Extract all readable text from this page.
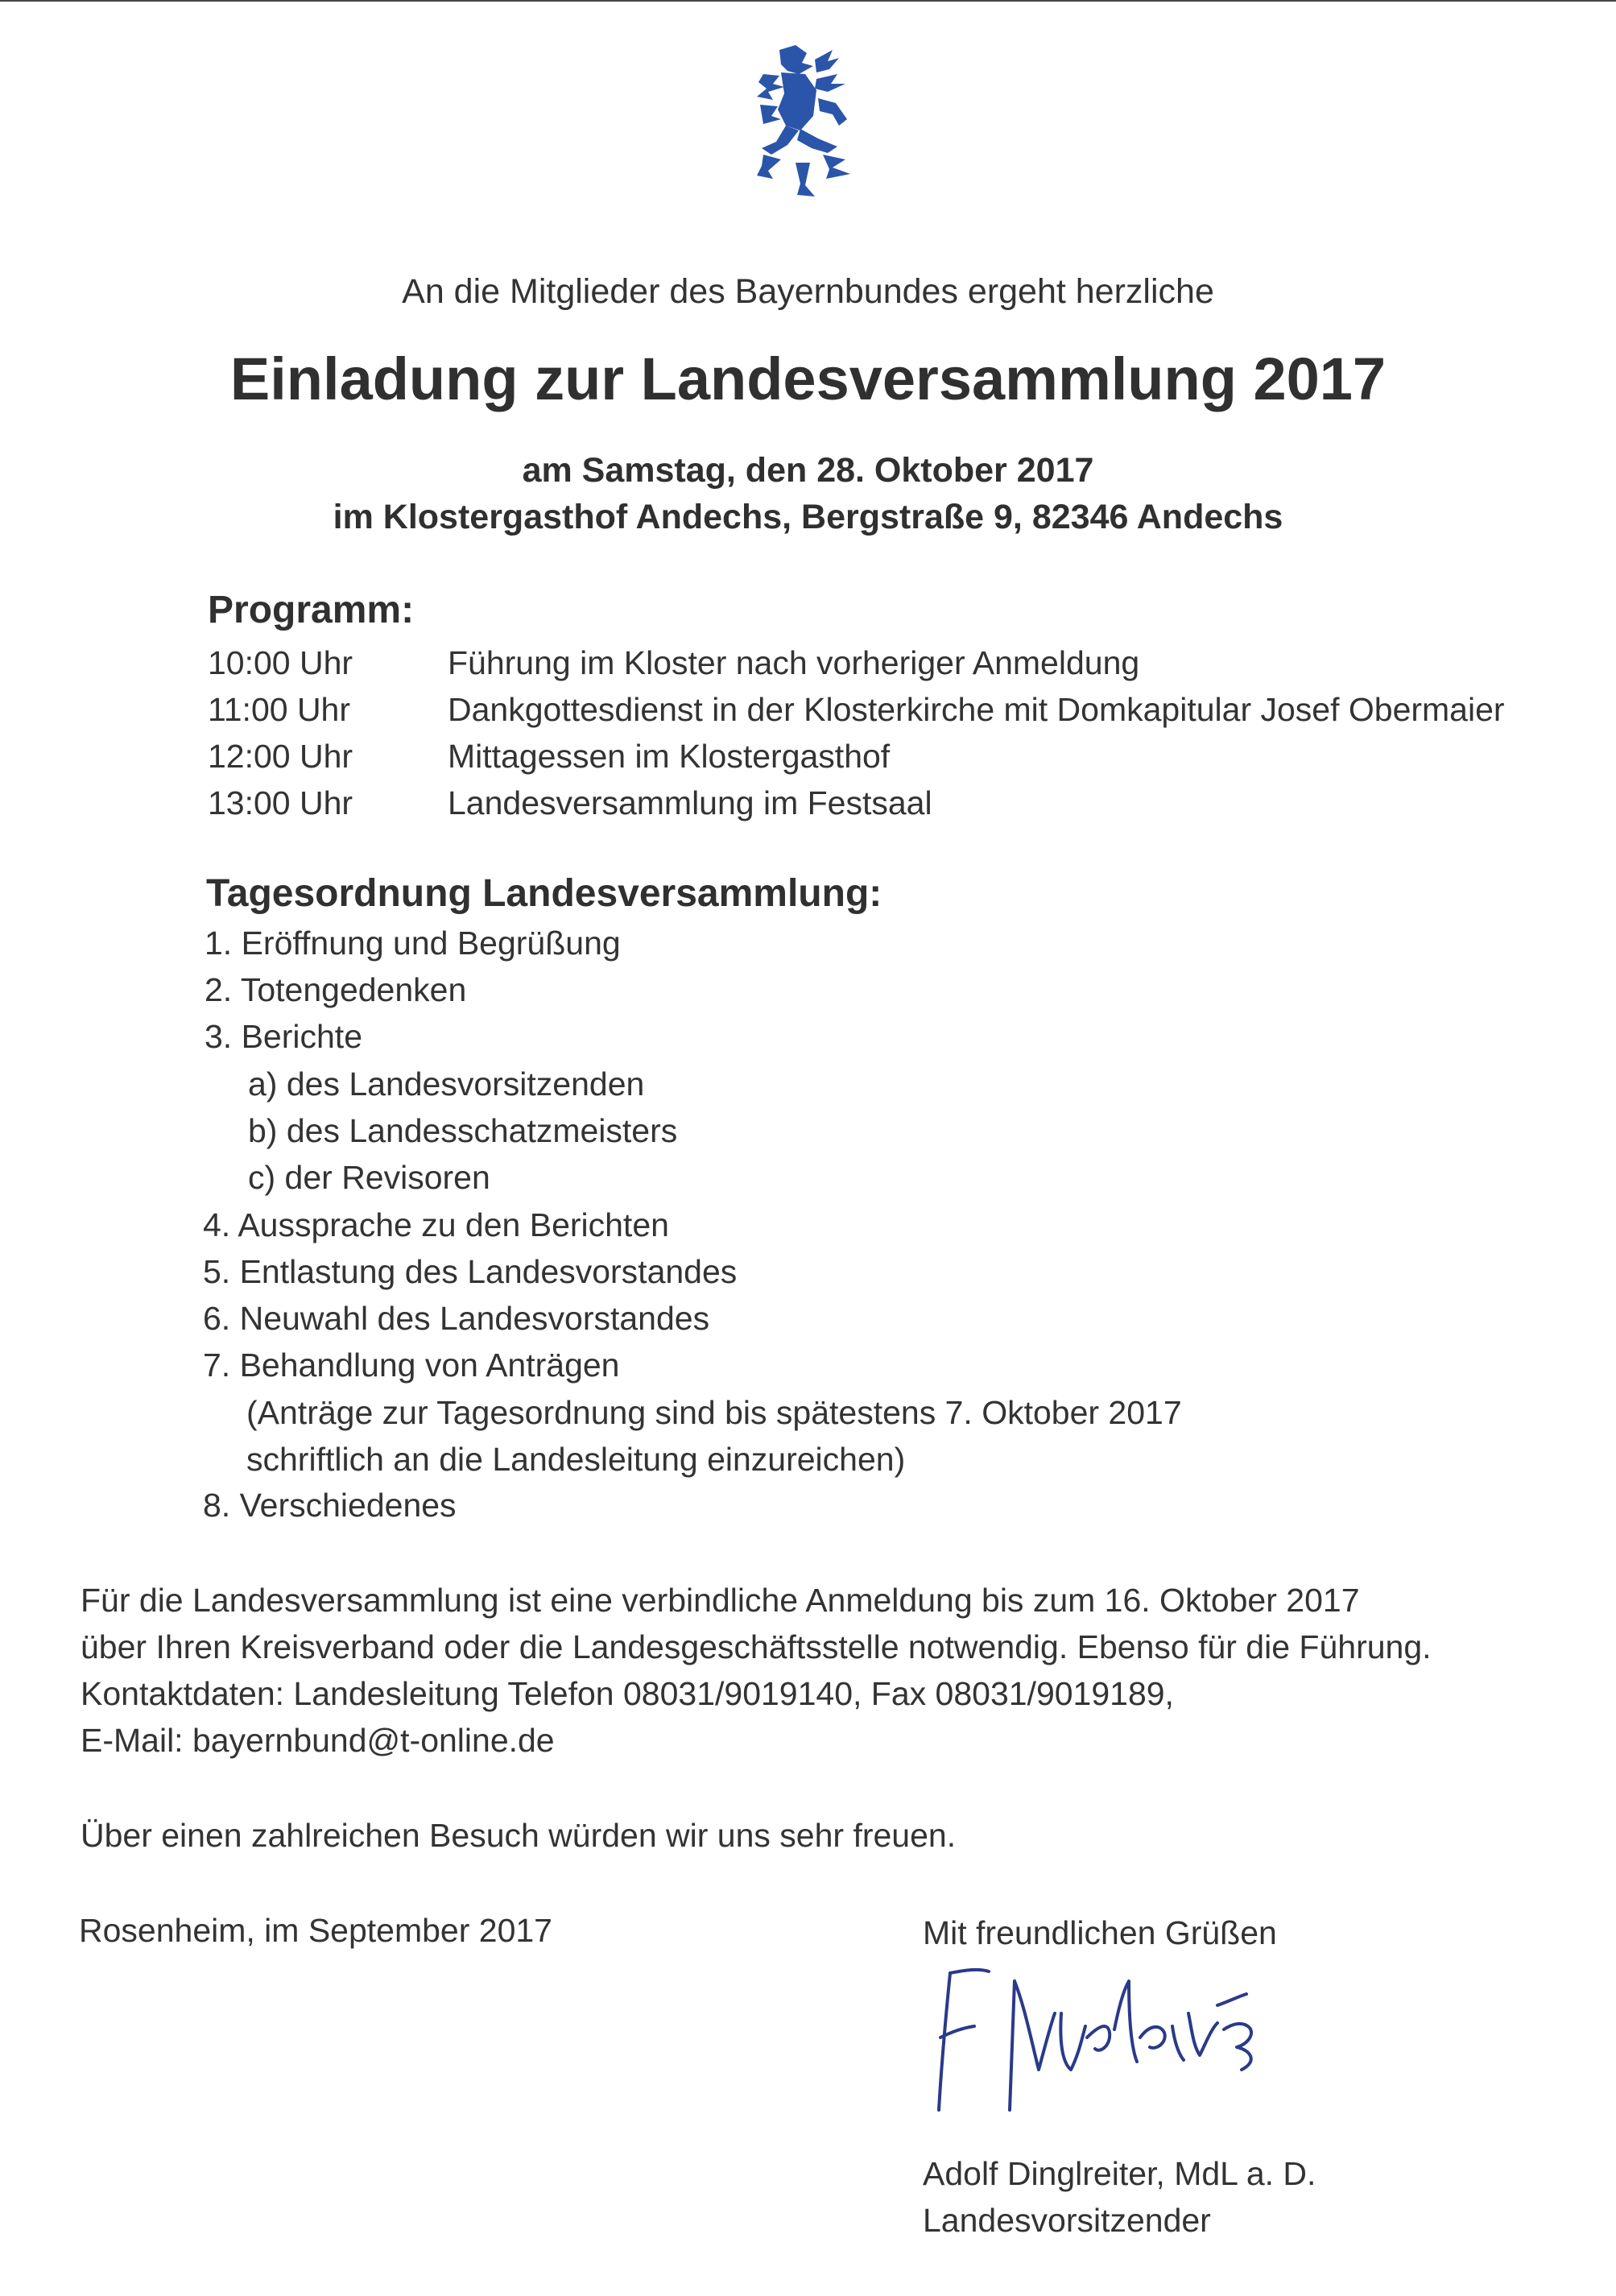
An die Mitglieder des Bayernbundes ergeht herzliche
Einladung zur Landesversammlung 2017
am Samstag, den 28. Oktober 2017
im Klostergasthof Andechs, Bergstraße 9, 82346 Andechs
Programm:
10:00 Uhr	Führung im Kloster nach vorheriger Anmeldung
11:00 Uhr	Dankgottesdienst in der Klosterkirche mit Domkapitular Josef Obermaier
12:00 Uhr	Mittagessen im Klostergasthof
13:00 Uhr	Landesversammlung im Festsaal
Tagesordnung Landesversammlung:
1. Eröffnung und Begrüßung
2. Totengedenken
3. Berichte
a) des Landesvorsitzenden
b) des Landesschatzmeisters
c) der Revisoren
4. Aussprache zu den Berichten
5. Entlastung des Landesvorstandes
6. Neuwahl des Landesvorstandes
7. Behandlung von Anträgen
(Anträge zur Tagesordnung sind bis spätestens 7. Oktober 2017
schriftlich an die Landesleitung einzureichen)
8. Verschiedenes
Für die Landesversammlung ist eine verbindliche Anmeldung bis zum 16. Oktober 2017
über Ihren Kreisverband oder die Landesgeschäftsstelle notwendig. Ebenso für die Führung.
Kontaktdaten: Landesleitung Telefon 08031/9019140, Fax 08031/9019189,
E-Mail: bayernbund@t-online.de
Über einen zahlreichen Besuch würden wir uns sehr freuen.
Rosenheim, im September 2017	Mit freundlichen Grüßen
Adolf Dinglreiter, MdL a. D.
Landesvorsitzender
